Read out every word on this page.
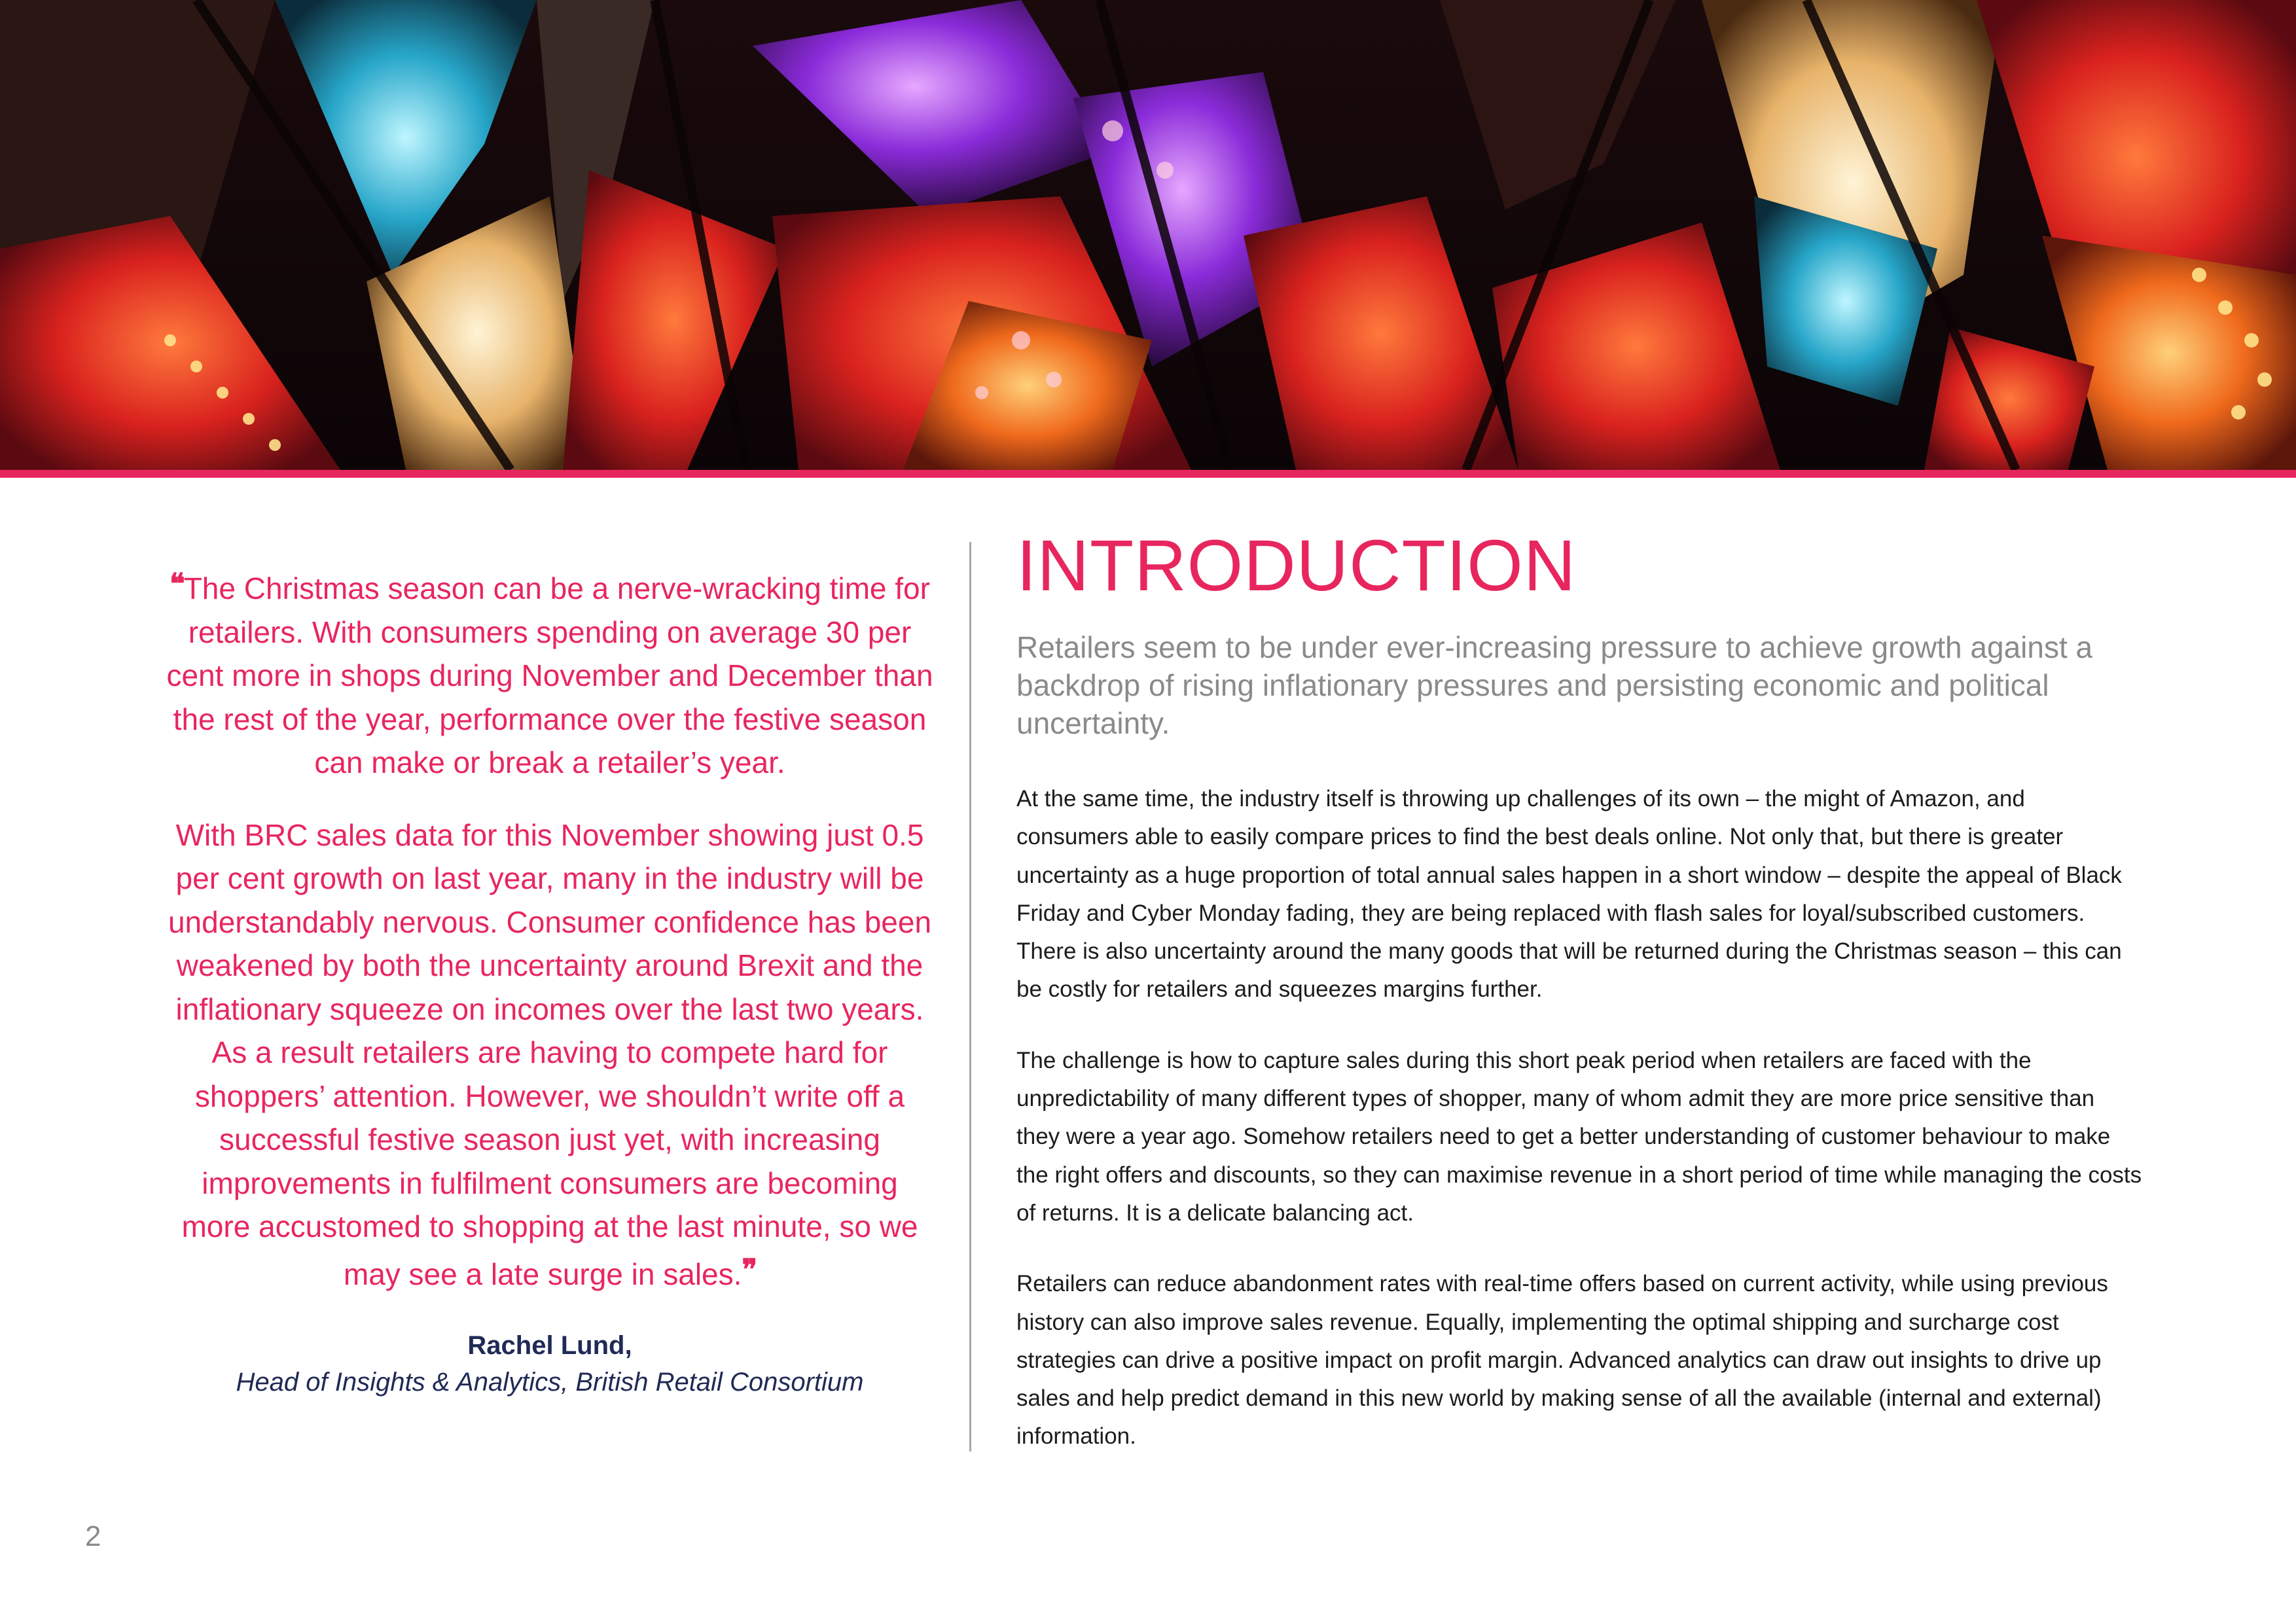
❝The Christmas season can be a nerve-wracking time for retailers. With consumers spending on average 30 per cent more in shops during November and December than the rest of the year, performance over the festive season can make or break a retailer’s year.

With BRC sales data for this November showing just 0.5 per cent growth on last year, many in the industry will be understandably nervous. Consumer confidence has been weakened by both the uncertainty around Brexit and the inflationary squeeze on incomes over the last two years. As a result retailers are having to compete hard for shoppers’ attention. However, we shouldn’t write off a successful festive season just yet, with increasing improvements in fulfilment consumers are becoming more accustomed to shopping at the last minute, so we may see a late surge in sales.❞

Rachel Lund,
Head of Insights & Analytics, British Retail Consortium
INTRODUCTION

Retailers seem to be under ever-increasing pressure to achieve growth against a backdrop of rising inflationary pressures and persisting economic and political uncertainty.

At the same time, the industry itself is throwing up challenges of its own – the might of Amazon, and consumers able to easily compare prices to find the best deals online. Not only that, but there is greater uncertainty as a huge proportion of total annual sales happen in a short window – despite the appeal of Black Friday and Cyber Monday fading, they are being replaced with flash sales for loyal/subscribed customers. There is also uncertainty around the many goods that will be returned during the Christmas season – this can be costly for retailers and squeezes margins further.

The challenge is how to capture sales during this short peak period when retailers are faced with the unpredictability of many different types of shopper, many of whom admit they are more price sensitive than they were a year ago. Somehow retailers need to get a better understanding of customer behaviour to make the right offers and discounts, so they can maximise revenue in a short period of time while managing the costs of returns. It is a delicate balancing act.

Retailers can reduce abandonment rates with real-time offers based on current activity, while using previous history can also improve sales revenue. Equally, implementing the optimal shipping and surcharge cost strategies can drive a positive impact on profit margin. Advanced analytics can draw out insights to drive up sales and help predict demand in this new world by making sense of all the available (internal and external) information.

2
